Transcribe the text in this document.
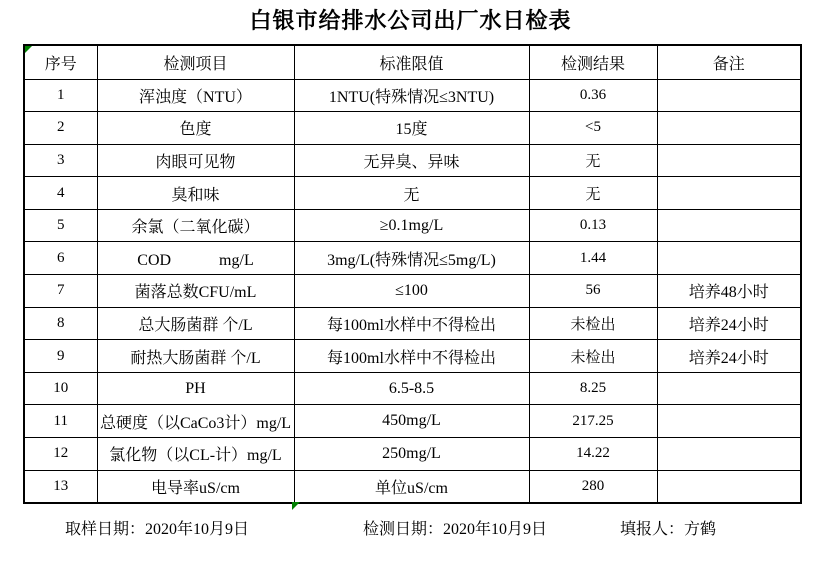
白银市给排水公司出厂水日检表
序号	检测项目	标准限值	检测结果	备注
1	浑浊度（NTU）	1NTU(特殊情况≤3NTU)	0.36	
2	色度	15度	<5	
3	肉眼可见物	无异臭、异味	无	
4	臭和味	无	无	
5	余氯（二氧化碳）	≥0.1mg/L	0.13	
6	COD　　　mg/L	3mg/L(特殊情况≤5mg/L)	1.44	
7	菌落总数CFU/mL	≤100	56	培养48小时
8	总大肠菌群 个/L	每100ml水样中不得检出	未检出	培养24小时
9	耐热大肠菌群 个/L	每100ml水样中不得检出	未检出	培养24小时
10	PH	6.5-8.5	8.25	
11	总硬度（以CaCo3计）mg/L	450mg/L	217.25	
12	氯化物（以CL-计）mg/L	250mg/L	14.22	
13	电导率uS/cm	单位uS/cm	280	
取样日期：2020年10月9日	检测日期：2020年10月9日	填报人：方鹤
